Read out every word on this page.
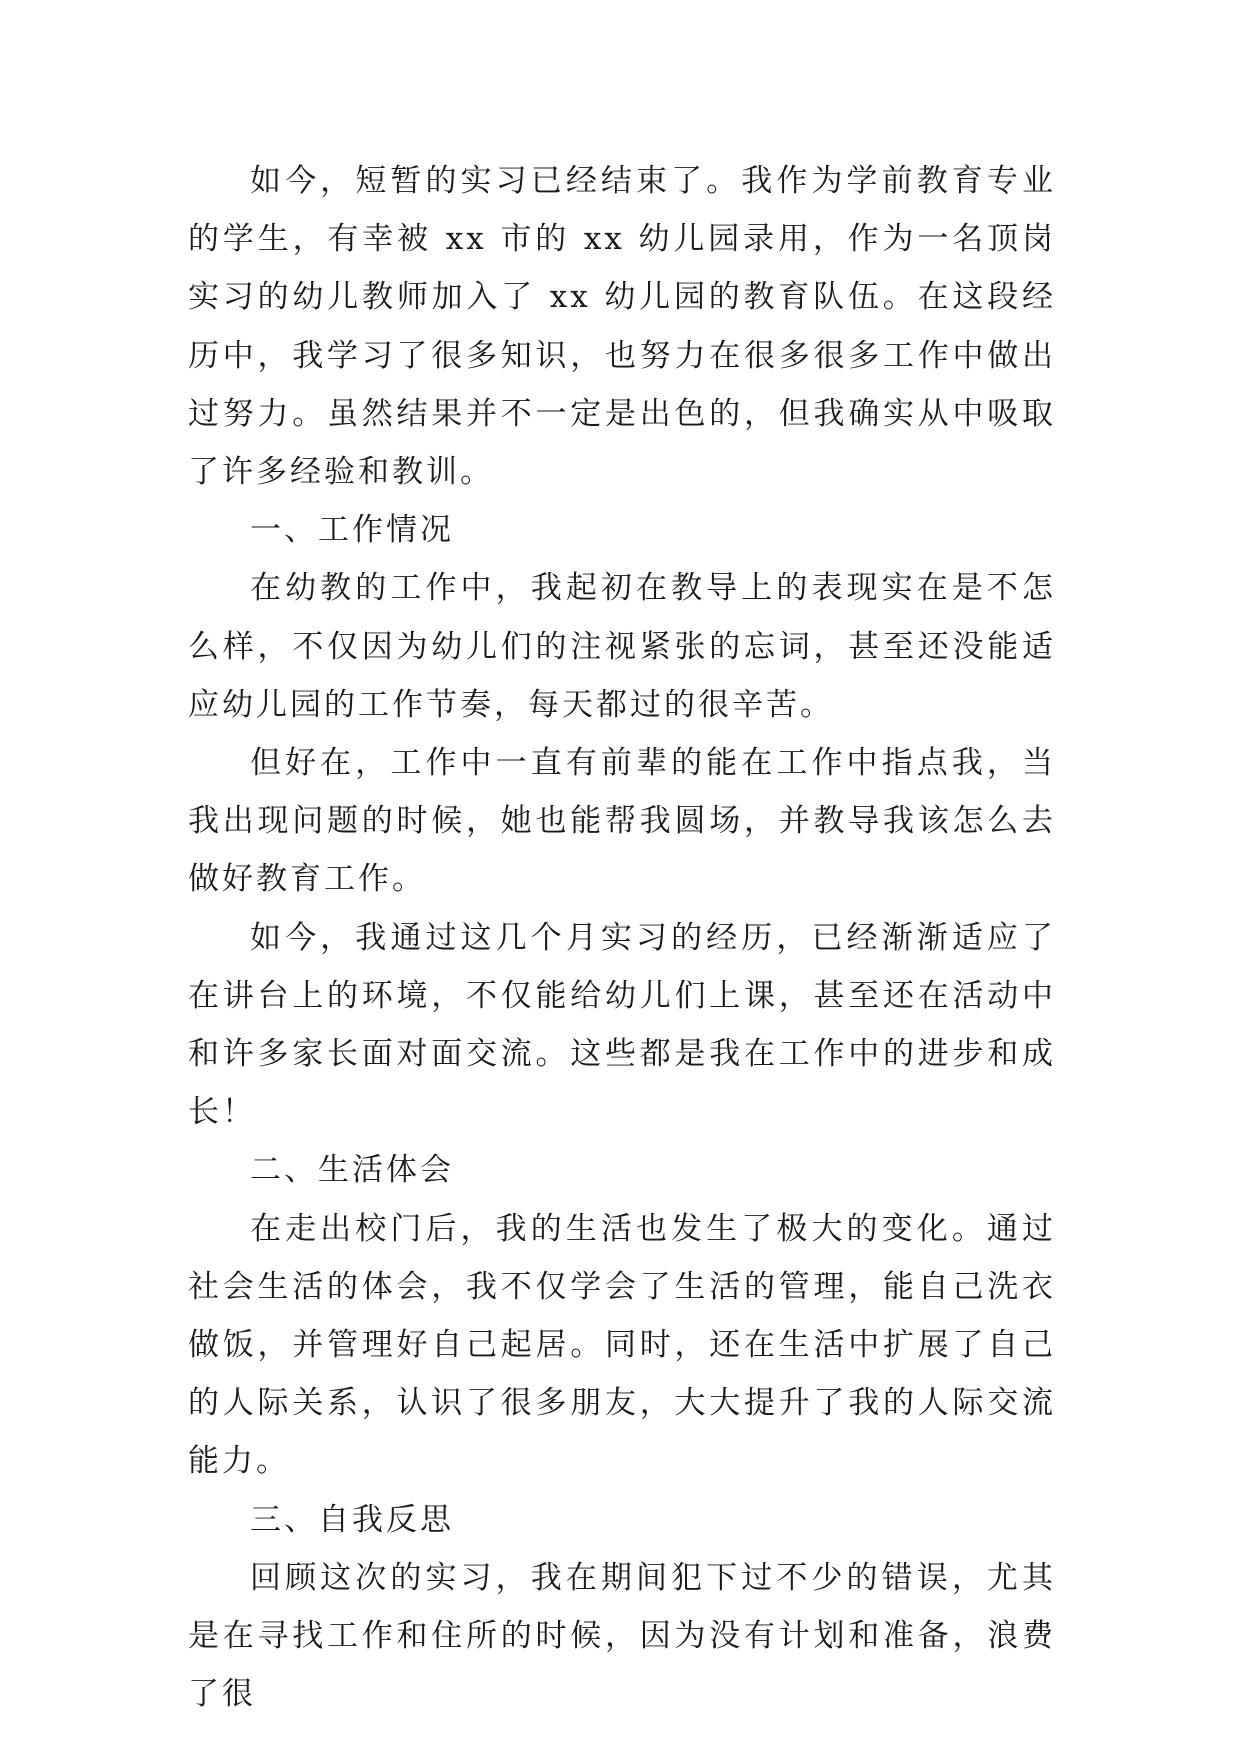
如今，短暂的实习已经结束了。我作为学前教育专业的学生，有幸被 xx 市的 xx 幼儿园录用，作为一名顶岗实习的幼儿教师加入了 xx 幼儿园的教育队伍。在这段经历中，我学习了很多知识，也努力在很多很多工作中做出过努力。虽然结果并不一定是出色的，但我确实从中吸取了许多经验和教训。

一、工作情况

在幼教的工作中，我起初在教导上的表现实在是不怎么样，不仅因为幼儿们的注视紧张的忘词，甚至还没能适应幼儿园的工作节奏，每天都过的很辛苦。

但好在，工作中一直有前辈的能在工作中指点我，当我出现问题的时候，她也能帮我圆场，并教导我该怎么去做好教育工作。

如今，我通过这几个月实习的经历，已经渐渐适应了在讲台上的环境，不仅能给幼儿们上课，甚至还在活动中和许多家长面对面交流。这些都是我在工作中的进步和成长！

二、生活体会

在走出校门后，我的生活也发生了极大的变化。通过社会生活的体会，我不仅学会了生活的管理，能自己洗衣做饭，并管理好自己起居。同时，还在生活中扩展了自己的人际关系，认识了很多朋友，大大提升了我的人际交流能力。

三、自我反思

回顾这次的实习，我在期间犯下过不少的错误，尤其是在寻找工作和住所的时候，因为没有计划和准备，浪费了很
